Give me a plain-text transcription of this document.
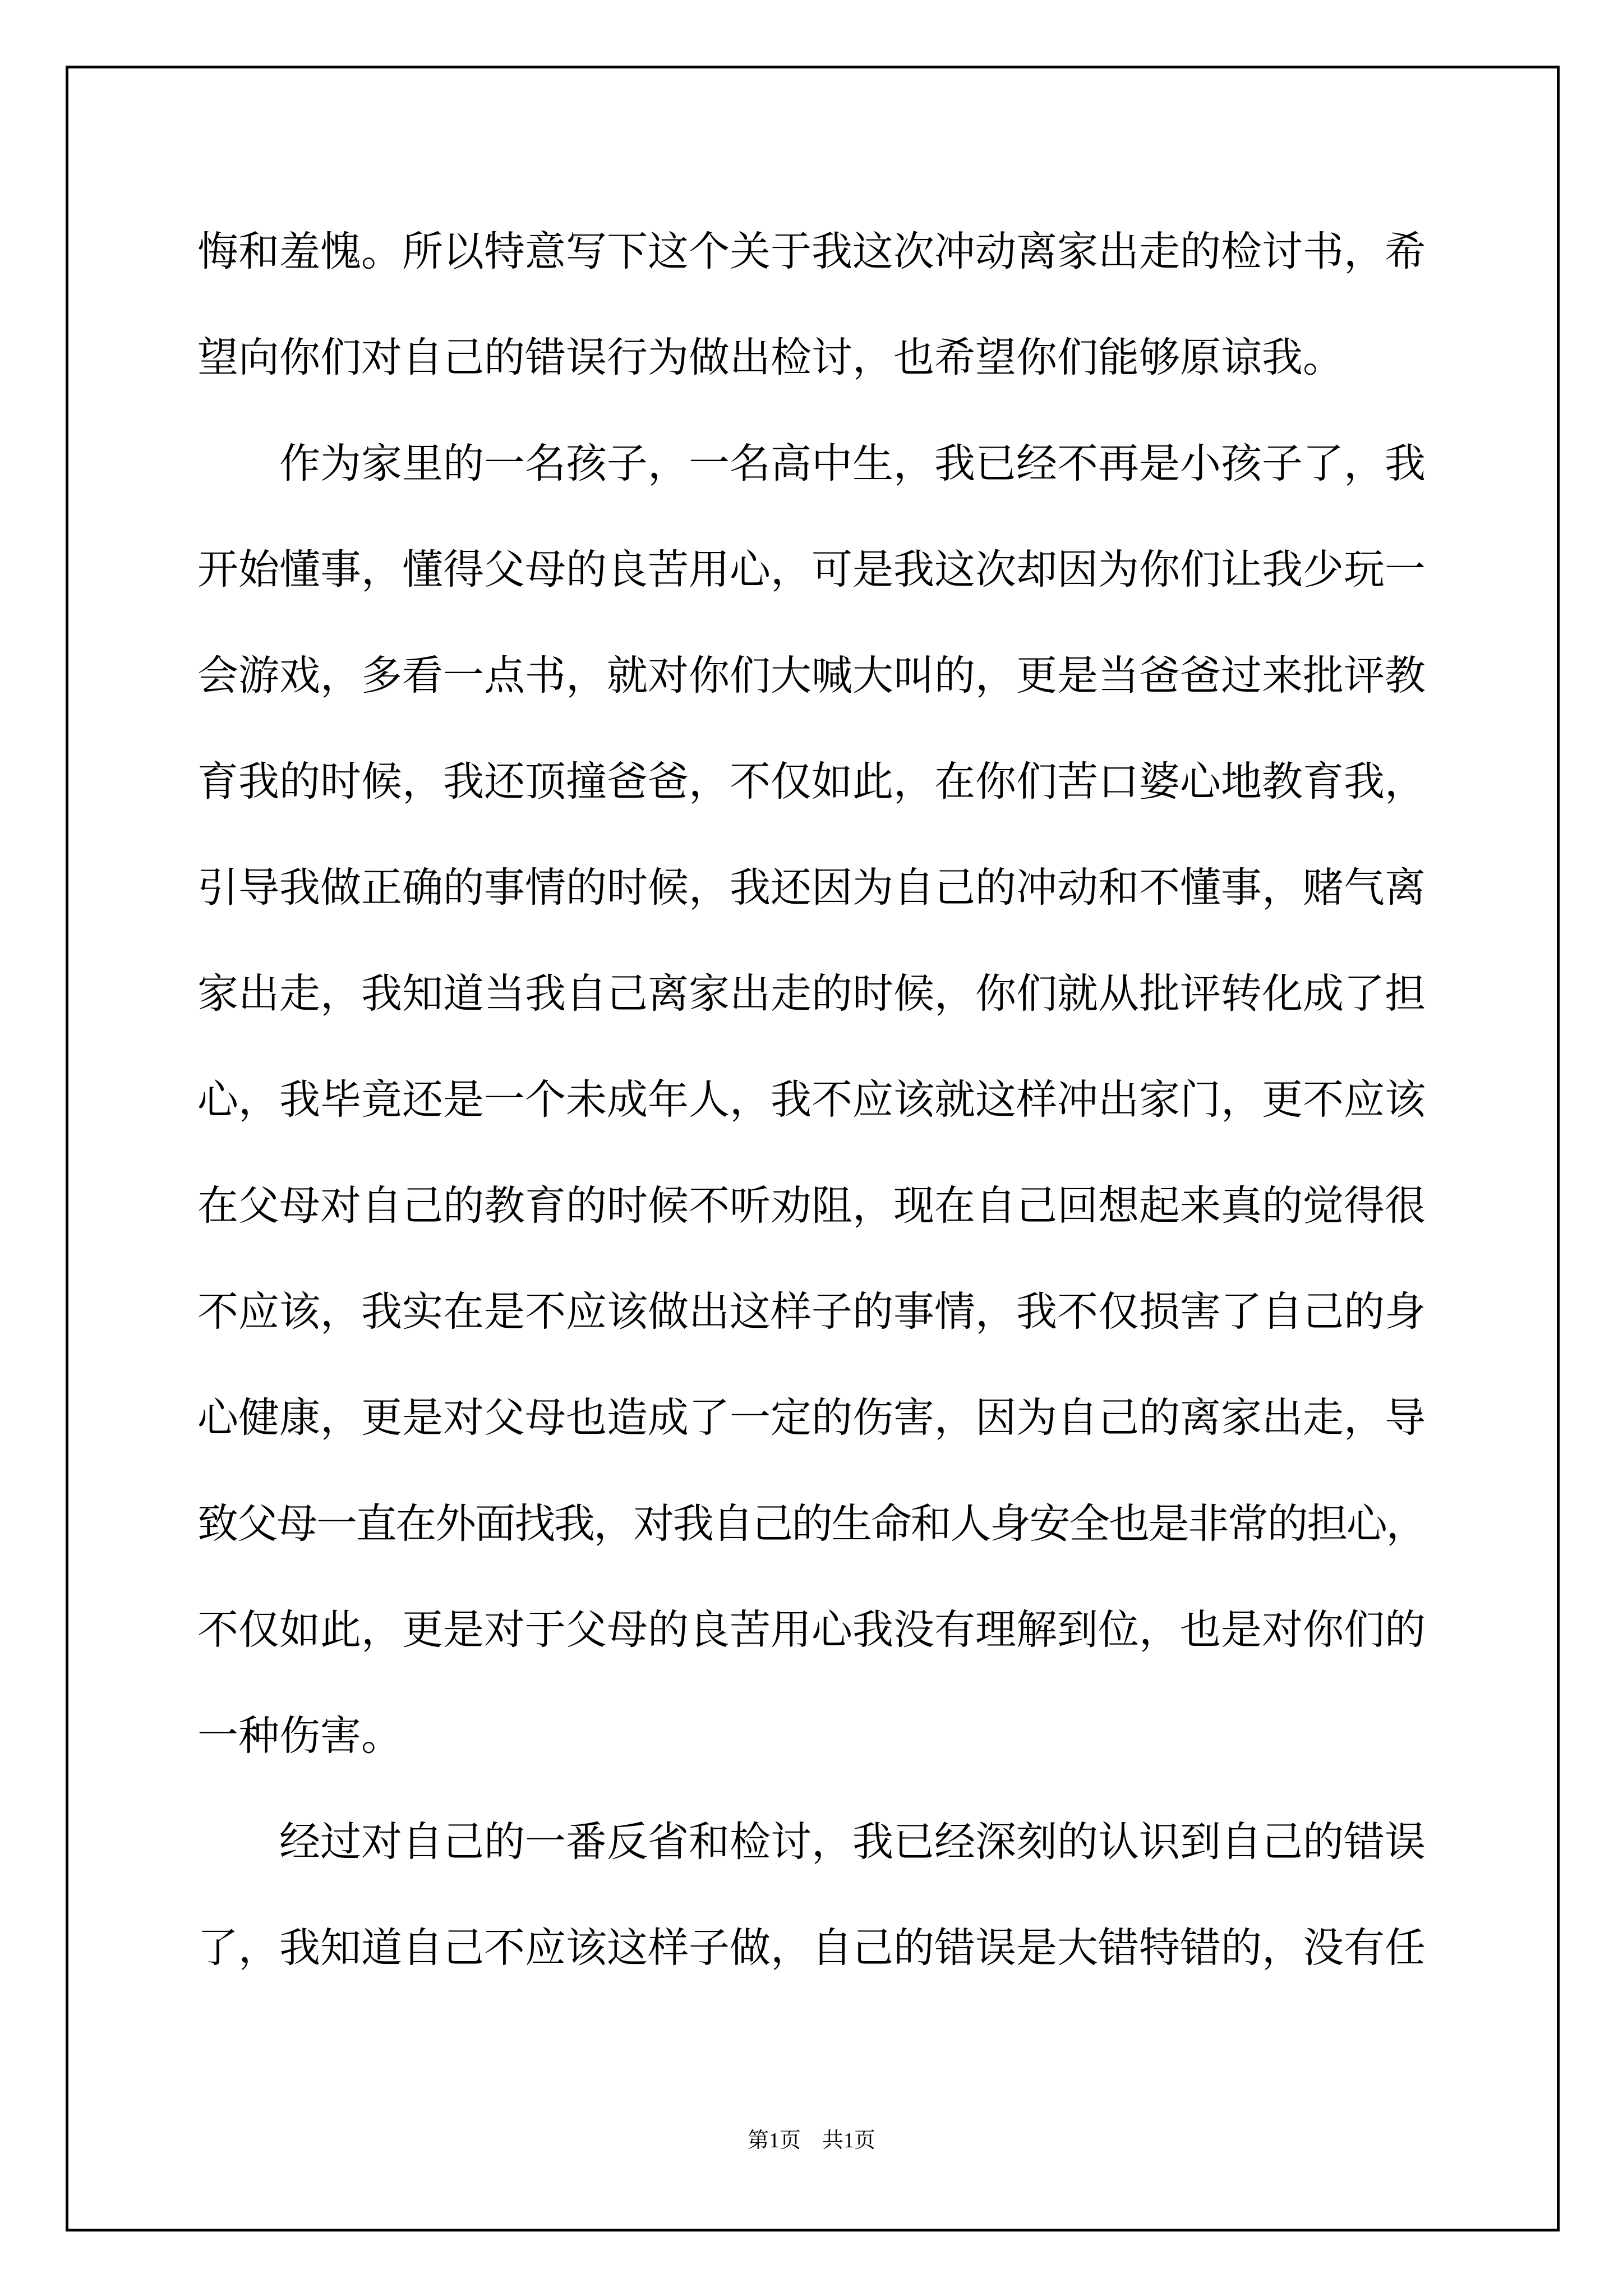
悔和羞愧。所以特意写下这个关于我这次冲动离家出走的检讨书，希
望向你们对自己的错误行为做出检讨，也希望你们能够原谅我。
作为家里的一名孩子，一名高中生，我已经不再是小孩子了，我
开始懂事，懂得父母的良苦用心，可是我这次却因为你们让我少玩一
会游戏，多看一点书，就对你们大喊大叫的，更是当爸爸过来批评教
育我的时候，我还顶撞爸爸，不仅如此，在你们苦口婆心地教育我，
引导我做正确的事情的时候，我还因为自己的冲动和不懂事，赌气离
家出走，我知道当我自己离家出走的时候，你们就从批评转化成了担
心，我毕竟还是一个未成年人，我不应该就这样冲出家门，更不应该
在父母对自己的教育的时候不听劝阻，现在自己回想起来真的觉得很
不应该，我实在是不应该做出这样子的事情，我不仅损害了自己的身
心健康，更是对父母也造成了一定的伤害，因为自己的离家出走，导
致父母一直在外面找我，对我自己的生命和人身安全也是非常的担心，
不仅如此，更是对于父母的良苦用心我没有理解到位，也是对你们的
一种伤害。
经过对自己的一番反省和检讨，我已经深刻的认识到自己的错误
了，我知道自己不应该这样子做，自己的错误是大错特错的，没有任
第1页　共1页
